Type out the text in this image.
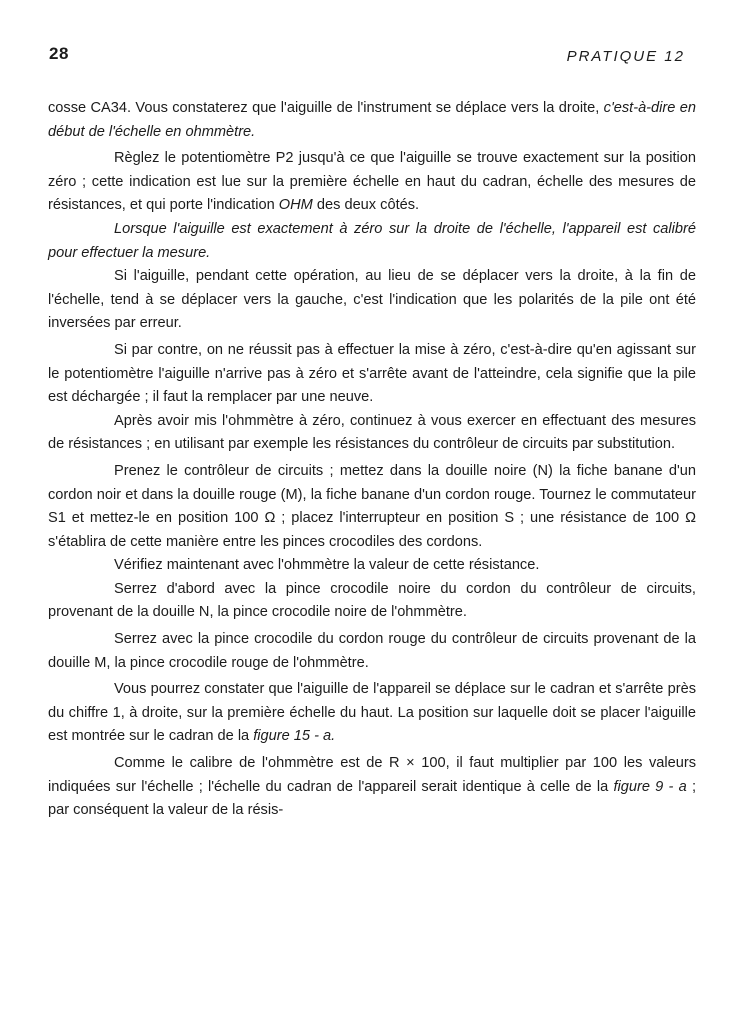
28	PRATIQUE 12

cosse CA34. Vous constaterez que l'aiguille de l'instrument se déplace vers la droite, c'est-à-dire en début de l'échelle en ohmmètre.

Règlez le potentiomètre P2 jusqu'à ce que l'aiguille se trouve exactement sur la position zéro ; cette indication est lue sur la première échelle en haut du cadran, échelle des mesures de résistances, et qui porte l'indication OHM des deux côtés.

Lorsque l'aiguille est exactement à zéro sur la droite de l'échelle, l'appareil est calibré pour effectuer la mesure.

Si l'aiguille, pendant cette opération, au lieu de se déplacer vers la droite, à la fin de l'échelle, tend à se déplacer vers la gauche, c'est l'indication que les polarités de la pile ont été inversées par erreur.

Si par contre, on ne réussit pas à effectuer la mise à zéro, c'est-à-dire qu'en agissant sur le potentiomètre l'aiguille n'arrive pas à zéro et s'arrête avant de l'atteindre, cela signifie que la pile est déchargée ; il faut la remplacer par une neuve.

Après avoir mis l'ohmmètre à zéro, continuez à vous exercer en effectuant des mesures de résistances ; en utilisant par exemple les résistances du contrôleur de circuits par substitution.

Prenez le contrôleur de circuits ; mettez dans la douille noire (N) la fiche banane d'un cordon noir et dans la douille rouge (M), la fiche banane d'un cordon rouge. Tournez le commutateur S1 et mettez-le en position 100 Ω ; placez l'interrupteur en position S ; une résistance de 100 Ω s'établira de cette manière entre les pinces crocodiles des cordons.

Vérifiez maintenant avec l'ohmmètre la valeur de cette résistance.

Serrez d'abord avec la pince crocodile noire du cordon du contrôleur de circuits, provenant de la douille N, la pince crocodile noire de l'ohmmètre.

Serrez avec la pince crocodile du cordon rouge du contrôleur de circuits provenant de la douille M, la pince crocodile rouge de l'ohmmètre.

Vous pourrez constater que l'aiguille de l'appareil se déplace sur le cadran et s'arrête près du chiffre 1, à droite, sur la première échelle du haut. La position sur laquelle doit se placer l'aiguille est montrée sur le cadran de la figure 15 - a.

Comme le calibre de l'ohmmètre est de R × 100, il faut multiplier par 100 les valeurs indiquées sur l'échelle ; l'échelle du cadran de l'appareil serait identique à celle de la figure 9 - a ; par conséquent la valeur de la résis-
